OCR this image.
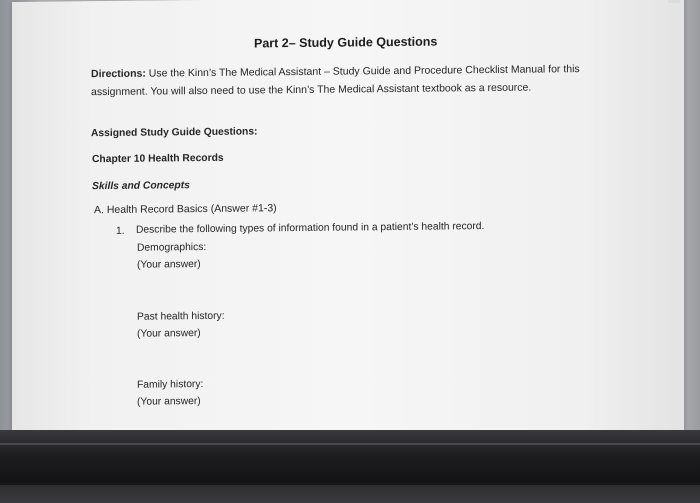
Part 2– Study Guide Questions
Directions: Use the Kinn’s The Medical Assistant – Study Guide and Procedure Checklist Manual for this assignment. You will also need to use the Kinn’s The Medical Assistant textbook as a resource.
Assigned Study Guide Questions:
Chapter 10 Health Records
Skills and Concepts
A. Health Record Basics (Answer #1-3)
1. Describe the following types of information found in a patient’s health record.
Demographics:
(Your answer)
Past health history:
(Your answer)
Family history:
(Your answer)
